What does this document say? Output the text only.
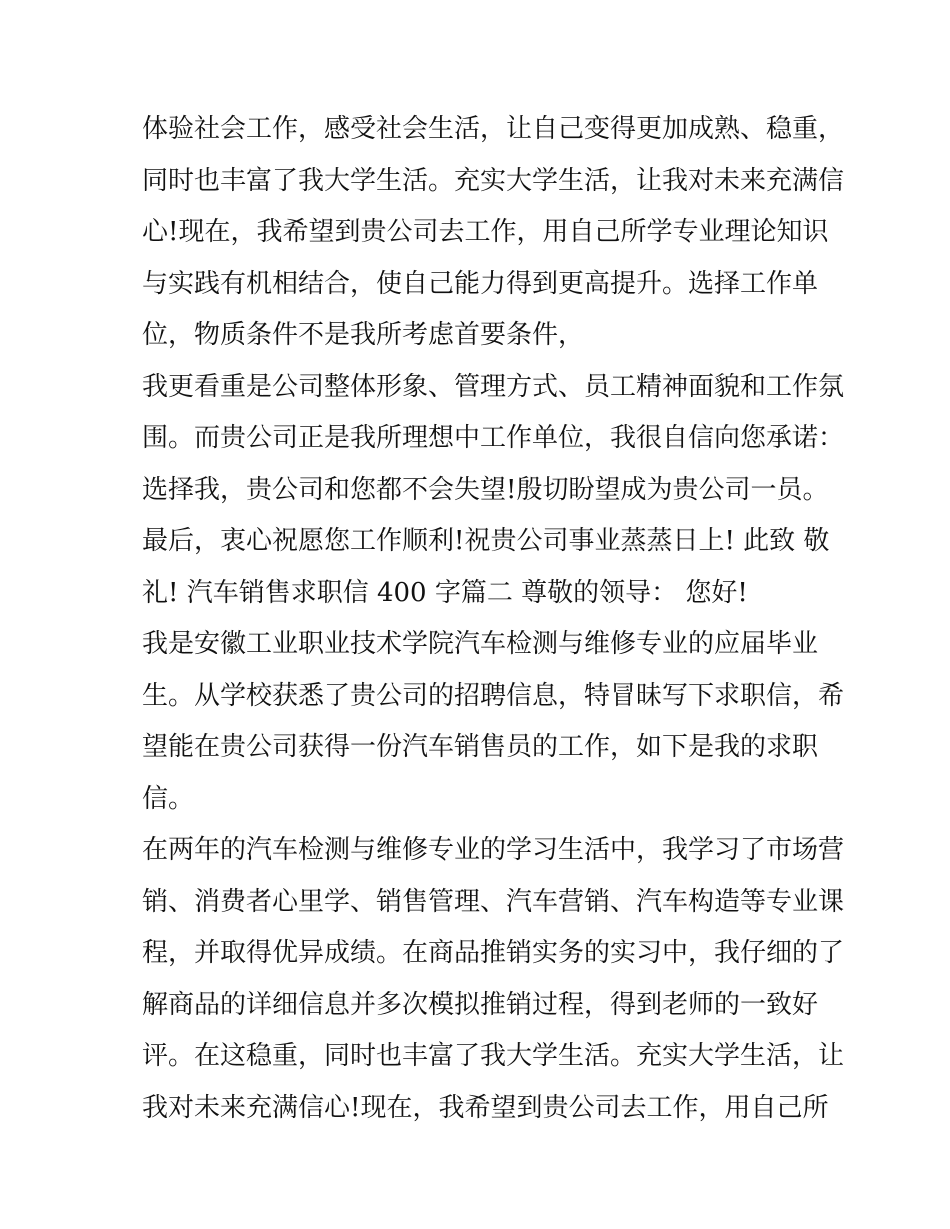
体验社会工作，感受社会生活，让自己变得更加成熟、稳重，
同时也丰富了我大学生活。充实大学生活，让我对未来充满信
心!现在，我希望到贵公司去工作，用自己所学专业理论知识
与实践有机相结合，使自己能力得到更高提升。选择工作单
位，物质条件不是我所考虑首要条件，
我更看重是公司整体形象、管理方式、员工精神面貌和工作氛
围。而贵公司正是我所理想中工作单位，我很自信向您承诺：
选择我，贵公司和您都不会失望!殷切盼望成为贵公司一员。
最后，衷心祝愿您工作顺利!祝贵公司事业蒸蒸日上! 此致 敬
礼! 汽车销售求职信 400 字篇二 尊敬的领导： 您好!
我是安徽工业职业技术学院汽车检测与维修专业的应届毕业
生。从学校获悉了贵公司的招聘信息，特冒昧写下求职信，希
望能在贵公司获得一份汽车销售员的工作，如下是我的求职
信。
在两年的汽车检测与维修专业的学习生活中，我学习了市场营
销、消费者心里学、销售管理、汽车营销、汽车构造等专业课
程，并取得优异成绩。在商品推销实务的实习中，我仔细的了
解商品的详细信息并多次模拟推销过程，得到老师的一致好
评。在这稳重，同时也丰富了我大学生活。充实大学生活，让
我对未来充满信心!现在，我希望到贵公司去工作，用自己所
